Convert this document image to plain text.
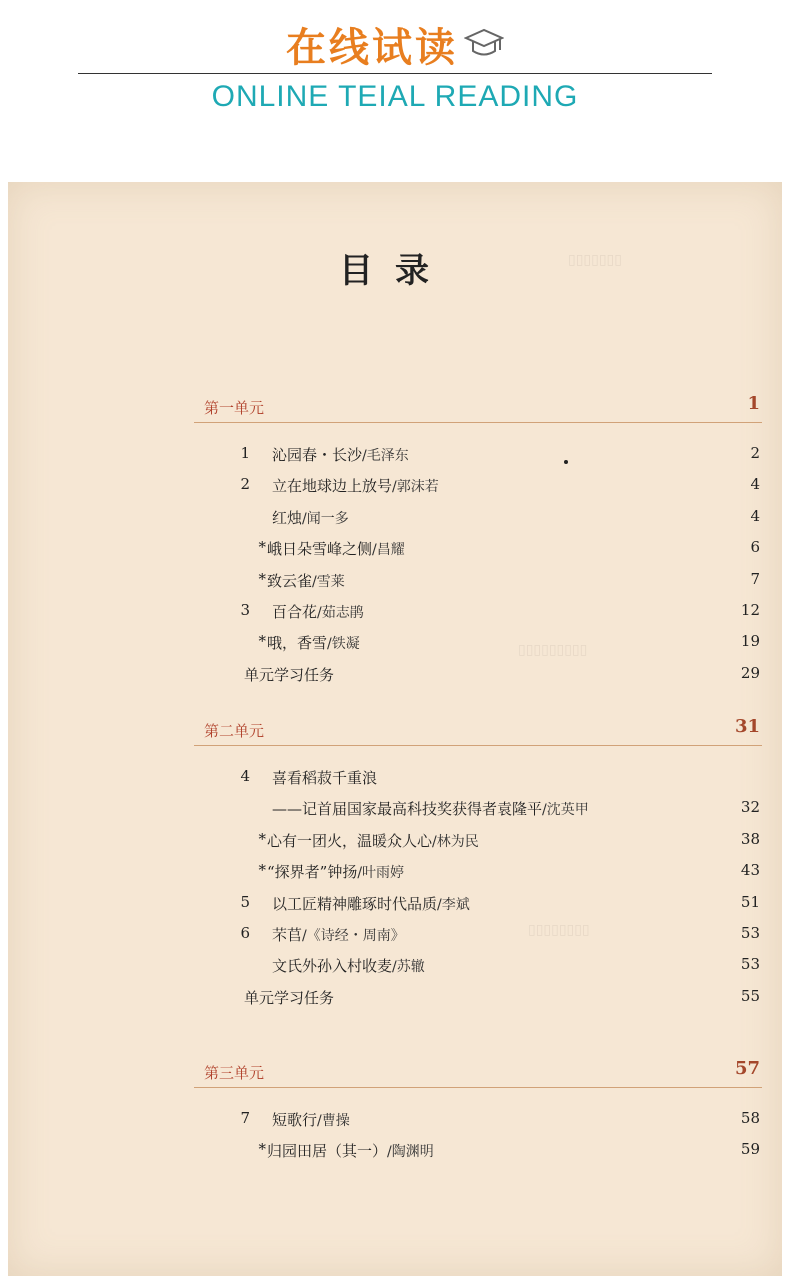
在线试读
ONLINE TEIAL READING
▯▯▯▯▯▯▯
▯▯▯▯▯▯▯▯▯
▯▯▯▯▯▯▯▯
目录
第一单元	1
1 沁园春・长沙/毛泽东	2
2 立在地球边上放号/郭沫若	4
红烛/闻一多	4
* 峨日朵雪峰之侧/昌耀	6
* 致云雀/雪莱	7
3 百合花/茹志鹃	12
* 哦，香雪/铁凝	19
单元学习任务	29
第二单元	31
4 喜看稻菽千重浪
——记首届国家最高科技奖获得者袁隆平/沈英甲	32
* 心有一团火，温暖众人心/林为民	38
* “探界者”钟扬/叶雨婷	43
5 以工匠精神雕琢时代品质/李斌	51
6 芣苢/《诗经・周南》	53
文氏外孙入村收麦/苏辙	53
单元学习任务	55
第三单元	57
7 短歌行/曹操	58
* 归园田居（其一）/陶渊明	59
